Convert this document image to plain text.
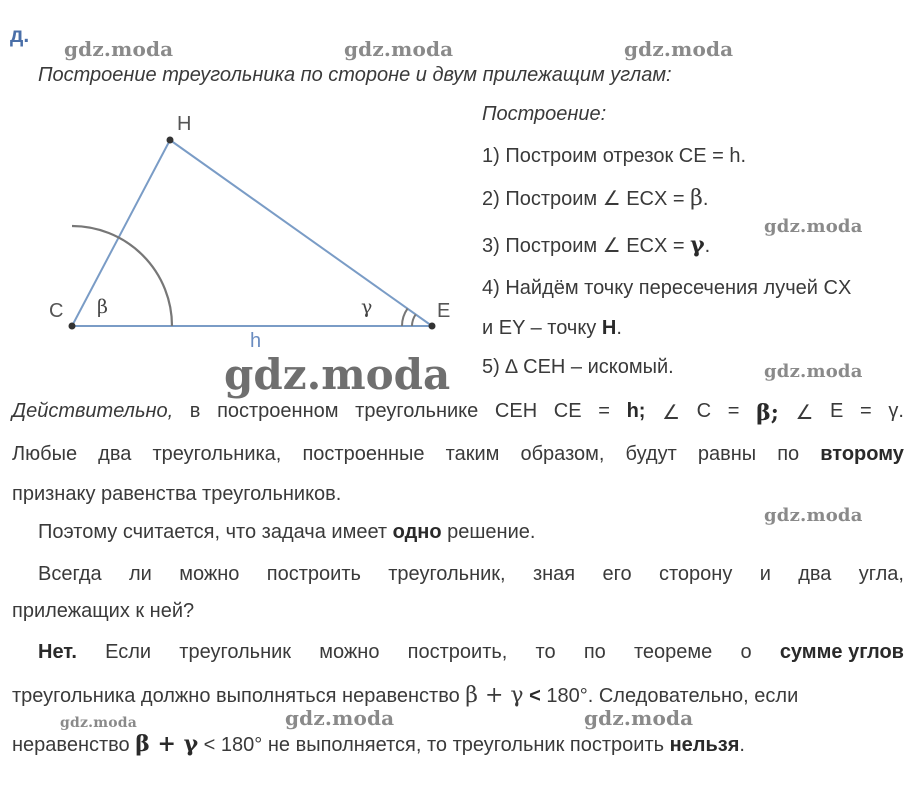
д.
Построение треугольника по стороне и двум прилежащим углам:
gdz.moda	gdz.moda	gdz.moda
gdz.moda
gdz.moda	gdz.moda
gdz.moda
gdz.moda	gdz.moda	gdz.moda
H
C	E
β	γ
h
Построение:
1) Построим отрезок CE = h.
2) Построим ∠ ECX = β.
3) Построим ∠ ECX = γ.
4) Найдём точку пересечения лучей CX
и EY – точку H.
5) ∆ CEH – искомый.
Действительно, в построенном треугольнике CEH CE = h; ∠ C = β; ∠ E = γ.
Любые два треугольника, построенные таким образом, будут равны по второму
признаку равенства треугольников.
Поэтому считается, что задача имеет одно решение.
Всегда ли можно построить треугольник, зная его сторону и два угла,
прилежащих к ней?
Нет. Если треугольник можно построить, то по теореме о сумме углов
треугольника должно выполняться неравенство β + γ < 180°. Следовательно, если
неравенство β + γ < 180° не выполняется, то треугольник построить нельзя.
